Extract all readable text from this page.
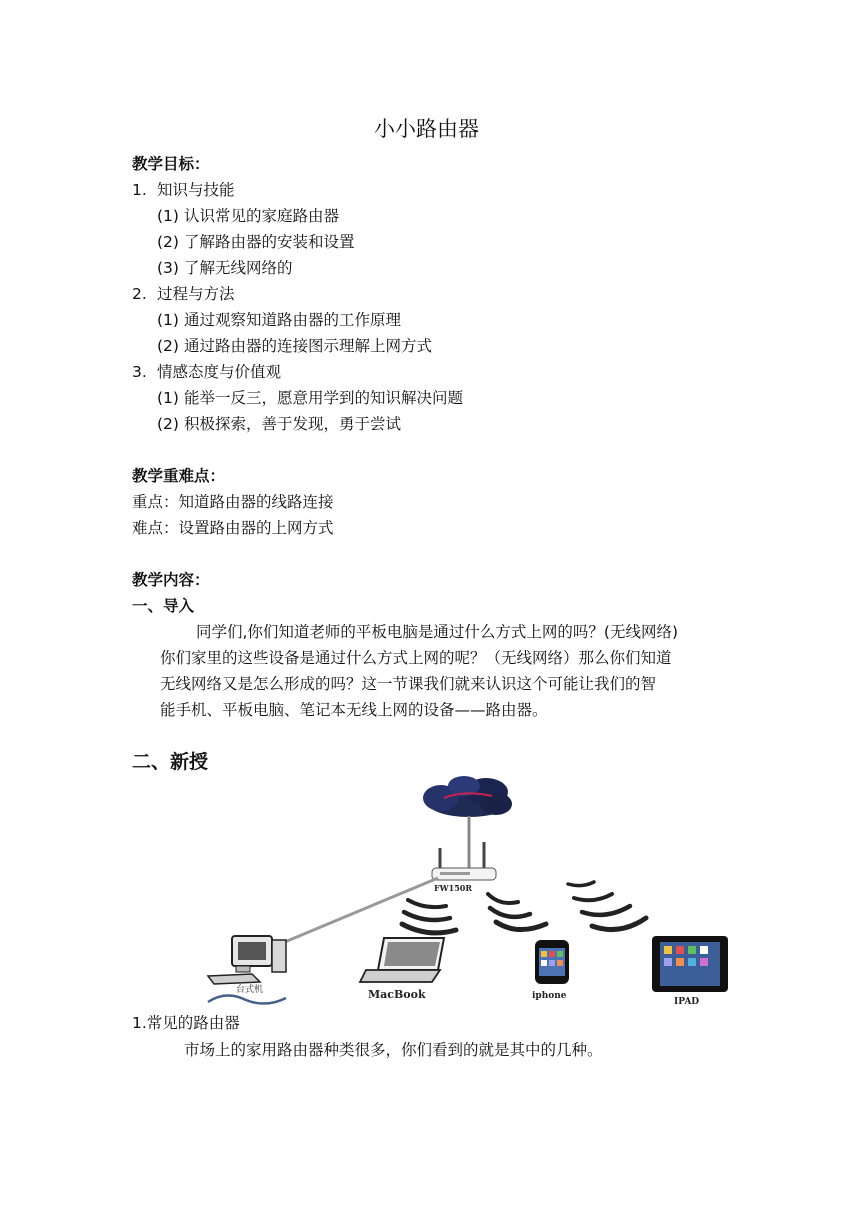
小小路由器
教学目标：
1. 知识与技能
(1) 认识常见的家庭路由器
(2) 了解路由器的安装和设置
(3) 了解无线网络的
2. 过程与方法
(1) 通过观察知道路由器的工作原理
(2) 通过路由器的连接图示理解上网方式
3. 情感态度与价值观
(1) 能举一反三，愿意用学到的知识解决问题
(2) 积极探索，善于发现，勇于尝试
教学重难点：
重点：知道路由器的线路连接
难点：设置路由器的上网方式
教学内容：
一、导入

同学们,你们知道老师的平板电脑是通过什么方式上网的吗？(无线网络)

你们家里的这些设备是通过什么方式上网的呢？（无线网络）那么你们知道

无线网络又是怎么形成的吗？这一节课我们就来认识这个可能让我们的智

能手机、平板电脑、笔记本无线上网的设备——路由器。

二、新授
FW150R
台式机	MacBook	iphone
IPAD
1.常见的路由器
市场上的家用路由器种类很多，你们看到的就是其中的几种。
